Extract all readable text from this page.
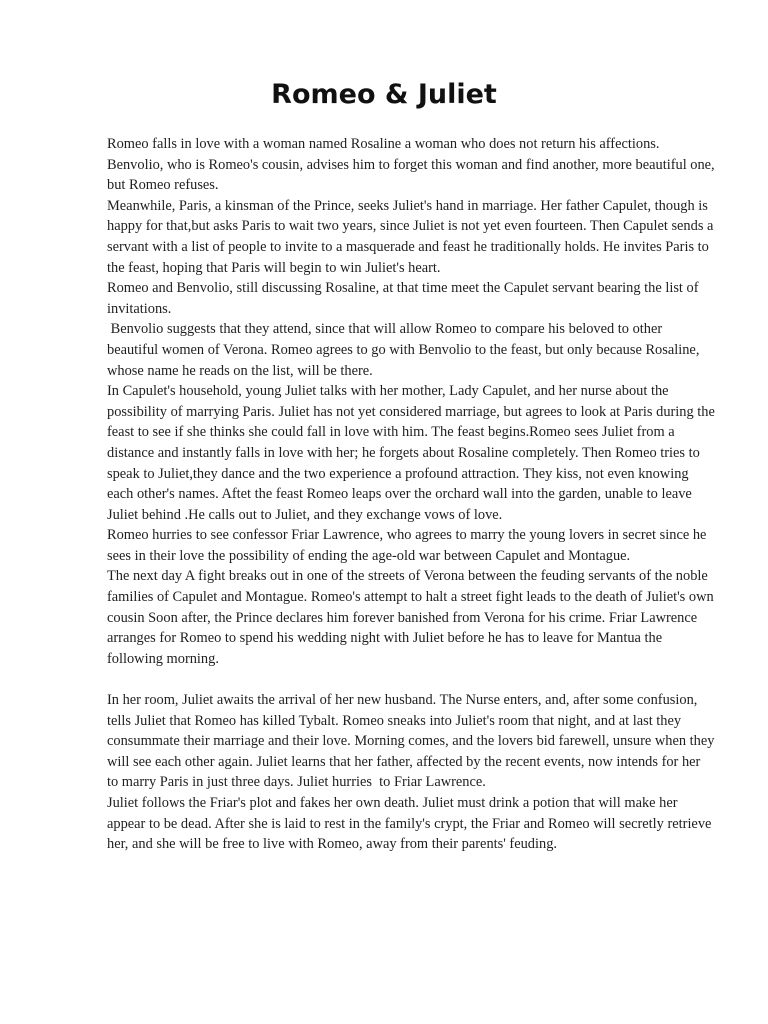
Romeo & Juliet

Romeo falls in love with a woman named Rosaline a woman who does not return his affections. Benvolio, who is Romeo's cousin, advises him to forget this woman and find another, more beautiful one, but Romeo refuses.

Meanwhile, Paris, a kinsman of the Prince, seeks Juliet's hand in marriage. Her father Capulet, though is happy for that,but asks Paris to wait two years, since Juliet is not yet even fourteen. Then Capulet sends a servant with a list of people to invite to a masquerade and feast he traditionally holds. He invites Paris to the feast, hoping that Paris will begin to win Juliet's heart.

Romeo and Benvolio, still discussing Rosaline, at that time meet the Capulet servant bearing the list of invitations.

Benvolio suggests that they attend, since that will allow Romeo to compare his beloved to other beautiful women of Verona. Romeo agrees to go with Benvolio to the feast, but only because Rosaline, whose name he reads on the list, will be there.

In Capulet's household, young Juliet talks with her mother, Lady Capulet, and her nurse about the possibility of marrying Paris. Juliet has not yet considered marriage, but agrees to look at Paris during the feast to see if she thinks she could fall in love with him. The feast begins.Romeo sees Juliet from a distance and instantly falls in love with her; he forgets about Rosaline completely. Then Romeo tries to speak to Juliet,they dance and the two experience a profound attraction. They kiss, not even knowing each other's names. Aftet the feast Romeo leaps over the orchard wall into the garden, unable to leave Juliet behind .He calls out to Juliet, and they exchange vows of love.

Romeo hurries to see confessor Friar Lawrence, who agrees to marry the young lovers in secret since he sees in their love the possibility of ending the age-old war between Capulet and Montague.

The next day A fight breaks out in one of the streets of Verona between the feuding servants of the noble families of Capulet and Montague. Romeo's attempt to halt a street fight leads to the death of Juliet's own cousin Soon after, the Prince declares him forever banished from Verona for his crime. Friar Lawrence arranges for Romeo to spend his wedding night with Juliet before he has to leave for Mantua the following morning.

In her room, Juliet awaits the arrival of her new husband. The Nurse enters, and, after some confusion, tells Juliet that Romeo has killed Tybalt. Romeo sneaks into Juliet's room that night, and at last they consummate their marriage and their love. Morning comes, and the lovers bid farewell, unsure when they will see each other again. Juliet learns that her father, affected by the recent events, now intends for her to marry Paris in just three days. Juliet hurries  to Friar Lawrence.

Juliet follows the Friar's plot and fakes her own death. Juliet must drink a potion that will make her appear to be dead. After she is laid to rest in the family's crypt, the Friar and Romeo will secretly retrieve her, and she will be free to live with Romeo, away from their parents' feuding.
